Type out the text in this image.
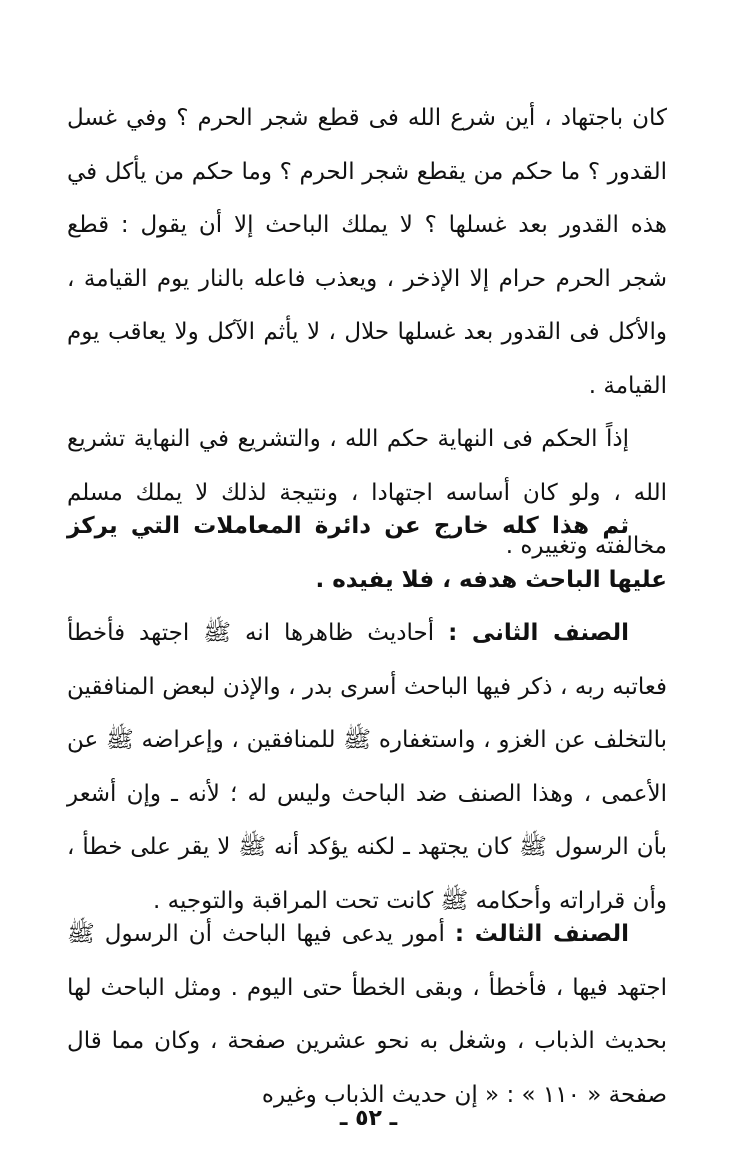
كان باجتهاد ، أين شرع الله فى قطع شجر الحرم ؟ وفي غسل القدور ؟ ما حكم من يقطع شجر الحرم ؟ وما حكم من يأكل في هذه القدور بعد غسلها ؟ لا يملك الباحث إلا أن يقول : قطع شجر الحرم حرام إلا الإذخر ، ويعذب فاعله بالنار يوم القيامة ، والأكل فى القدور بعد غسلها حلال ، لا يأثم الآكل ولا يعاقب يوم القيامة .

إذاً الحكم فى النهاية حكم الله ، والتشريع في النهاية تشريع الله ، ولو كان أساسه اجتهادا ، ونتيجة لذلك لا يملك مسلم مخالفته وتغييره .

ثم هذا كله خارج عن دائرة المعاملات التي يركز عليها الباحث هدفه ، فلا يفيده .

الصنف الثانى : أحاديث ظاهرها انه ﷺ اجتهد فأخطأ فعاتبه ربه ، ذكر فيها الباحث أسرى بدر ، والإذن لبعض المنافقين بالتخلف عن الغزو ، واستغفاره ﷺ للمنافقين ، وإعراضه ﷺ عن الأعمى ، وهذا الصنف ضد الباحث وليس له ؛ لأنه ـ وإن أشعر بأن الرسول ﷺ كان يجتهد ـ لكنه يؤكد أنه ﷺ لا يقر على خطأ ، وأن قراراته وأحكامه ﷺ كانت تحت المراقبة والتوجيه .

الصنف الثالث : أمور يدعى فيها الباحث أن الرسول ﷺ اجتهد فيها ، فأخطأ ، وبقى الخطأ حتى اليوم . ومثل الباحث لها بحديث الذباب ، وشغل به نحو عشرين صفحة ، وكان مما قال صفحة « ١١٠ » : « إن حديث الذباب وغيره

ـ ٥٢ ـ
